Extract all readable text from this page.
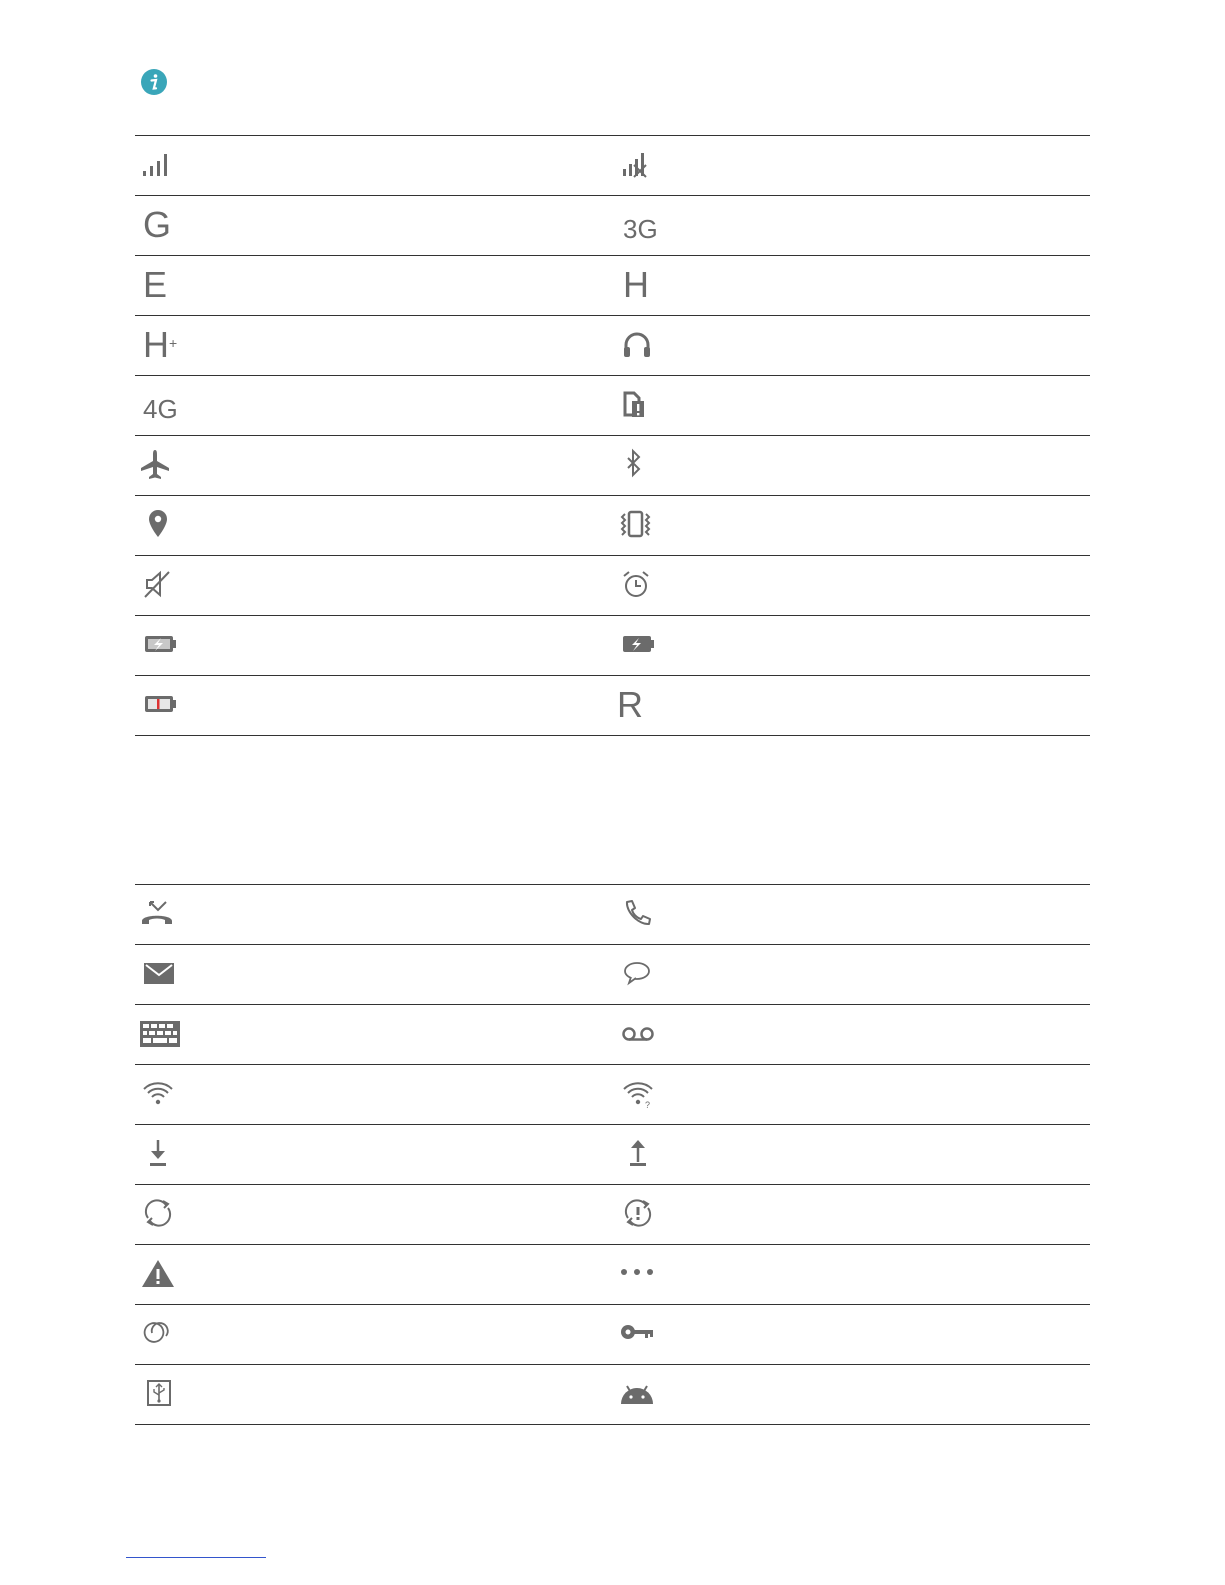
G	3G
E	H
H+
4G
R
?
